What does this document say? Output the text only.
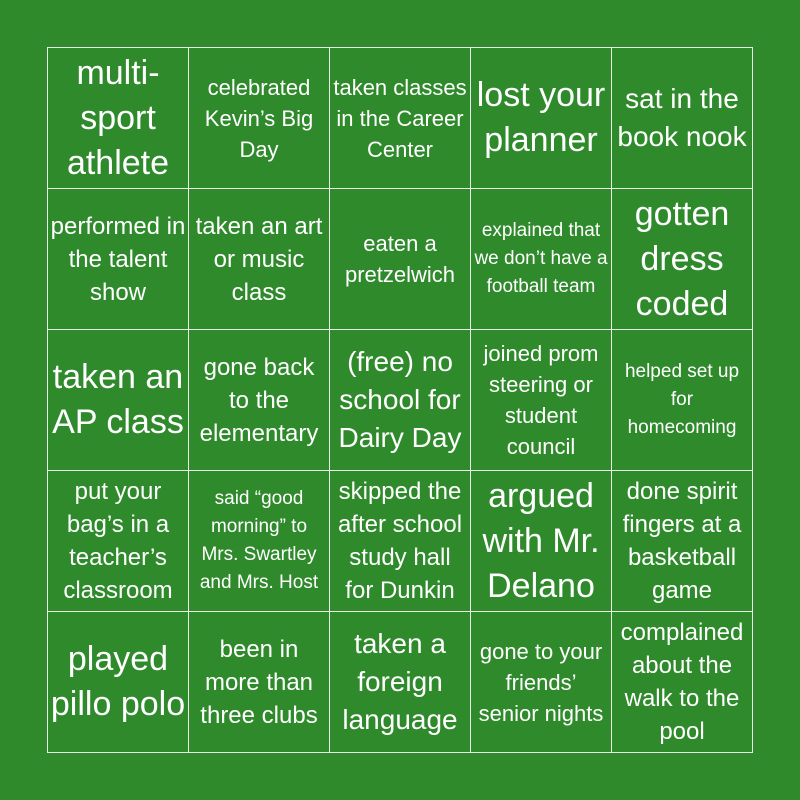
multi-sport athlete
celebrated Kevin’s Big Day
taken classes in the Career Center
lost your planner
sat in the book nook
performed in the talent show
taken an art or music class
eaten a pretzelwich
explained that we don’t have a football team
gotten dress coded
taken an AP class
gone back to the elementary
(free) no school for Dairy Day
joined prom steering or student council
helped set up for homecoming
put your bag’s in a teacher’s classroom
said “good morning” to Mrs. Swartley and Mrs. Host
skipped the after school study hall for Dunkin
argued with Mr. Delano
done spirit fingers at a basketball game
played pillo polo
been in more than three clubs
taken a foreign language
gone to your friends’ senior nights
complained about the walk to the pool
